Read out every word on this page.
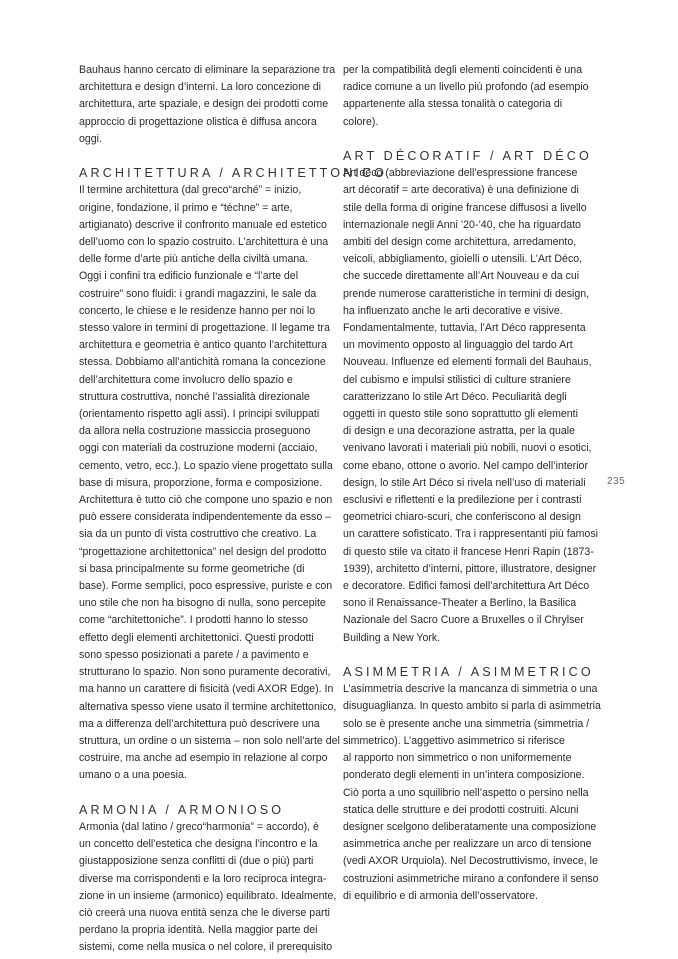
Bauhaus hanno cercato di eliminare la separazione tra
architettura e design d’interni. La loro concezione di
architettura, arte spaziale, e design dei prodotti come
approccio di progettazione olistica è diffusa ancora
oggi.
ARCHITETTURA / ARCHITETTONICO
Il termine architettura (dal greco“arché” = inizio,
origine, fondazione, il primo e “téchne” = arte,
artigianato) descrive il confronto manuale ed estetico
dell’uomo con lo spazio costruito. L’architettura è una
delle forme d’arte più antiche della civiltà umana.
Oggi i confini tra edificio funzionale e “l’arte del
costruire” sono fluidi: i grandi magazzini, le sale da
concerto, le chiese e le residenze hanno per noi lo
stesso valore in termini di progettazione. Il legame tra
architettura e geometria è antico quanto l’architettura
stessa. Dobbiamo all’antichità romana la concezione
dell’architettura come involucro dello spazio e
struttura costruttiva, nonché l’assialità direzionale
(orientamento rispetto agli assi). I principi sviluppati
da allora nella costruzione massiccia proseguono
oggi con materiali da costruzione moderni (acciaio,
cemento, vetro, ecc.). Lo spazio viene progettato sulla
base di misura, proporzione, forma e composizione.
Architettura è tutto ciò che compone uno spazio e non
può essere considerata indipendentemente da esso –
sia da un punto di vista costruttivo che creativo. La
“progettazione architettonica” nel design del prodotto
si basa principalmente su forme geometriche (di
base). Forme semplici, poco espressive, puriste e con
uno stile che non ha bisogno di nulla, sono percepite
come “architettoniche”. I prodotti hanno lo stesso
effetto degli elementi architettonici. Questi prodotti
sono spesso posizionati a parete / a pavimento e
strutturano lo spazio. Non sono puramente decorativi,
ma hanno un carattere di fisicità (vedi AXOR Edge). In
alternativa spesso viene usato il termine architettonico,
ma a differenza dell’architettura può descrivere una
struttura, un ordine o un sistema – non solo nell’arte del
costruire, ma anche ad esempio in relazione al corpo
umano o a una poesia.
ARMONIA / ARMONIOSO
Armonia (dal latino / greco“harmonia” = accordo), è
un concetto dell’estetica che designa l’incontro e la
giustapposizione senza conflitti di (due o più) parti
diverse ma corrispondenti e la loro reciproca integra-
zione in un insieme (armonico) equilibrato. Idealmente,
ciò creerà una nuova entità senza che le diverse parti
perdano la propria identità. Nella maggior parte dei
sistemi, come nella musica o nel colore, il prerequisito
per la compatibilità degli elementi coincidenti è una
radice comune a un livello più profondo (ad esempio
appartenente alla stessa tonalità o categoria di
colore).
ART DÉCORATIF / ART DÉCO
Art déco (abbreviazione dell’espressione francese
art décoratif = arte decorativa) è una definizione di
stile della forma di origine francese diffusosi a livello
internazionale negli Anni ’20-’40, che ha riguardato
ambiti del design come architettura, arredamento,
veicoli, abbigliamento, gioielli o utensili. L’Art Déco,
che succede direttamente all’Art Nouveau e da cui
prende numerose caratteristiche in termini di design,
ha influenzato anche le arti decorative e visive.
Fondamentalmente, tuttavia, l’Art Déco rappresenta
un movimento opposto al linguaggio del tardo Art
Nouveau. Influenze ed elementi formali del Bauhaus,
del cubismo e impulsi stilistici di culture straniere
caratterizzano lo stile Art Déco. Peculiarità degli
oggetti in questo stile sono soprattutto gli elementi
di design e una decorazione astratta, per la quale
venivano lavorati i materiali più nobili, nuovi o esotici,
come ebano, ottone o avorio. Nel campo dell’interior
design, lo stile Art Déco si rivela nell’uso di materiali
esclusivi e riflettenti e la predilezione per i contrasti
geometrici chiaro-scuri, che conferiscono al design
un carattere sofisticato. Tra i rappresentanti più famosi
di questo stile va citato il francese Henri Rapin (1873-
1939), architetto d’interni, pittore, illustratore, designer
e decoratore. Edifici famosi dell’architettura Art Déco
sono il Renaissance-Theater a Berlino, la Basilica
Nazionale del Sacro Cuore a Bruxelles o il Chrylser
Building a New York.
ASIMMETRIA / ASIMMETRICO
L’asimmetria descrive la mancanza di simmetria o una
disuguaglianza. In questo ambito si parla di asimmetria
solo se è presente anche una simmetria (simmetria /
simmetrico). L’aggettivo asimmetrico si riferisce
al rapporto non simmetrico o non uniformemente
ponderato degli elementi in un’intera composizione.
Ciò porta a uno squilibrio nell’aspetto o persino nella
statica delle strutture e dei prodotti costruiti. Alcuni
designer scelgono deliberatamente una composizione
asimmetrica anche per realizzare un arco di tensione
(vedi AXOR Urquiola). Nel Decostruttivismo, invece, le
costruzioni asimmetriche mirano a confondere il senso
di equilibrio e di armonia dell’osservatore.
235
